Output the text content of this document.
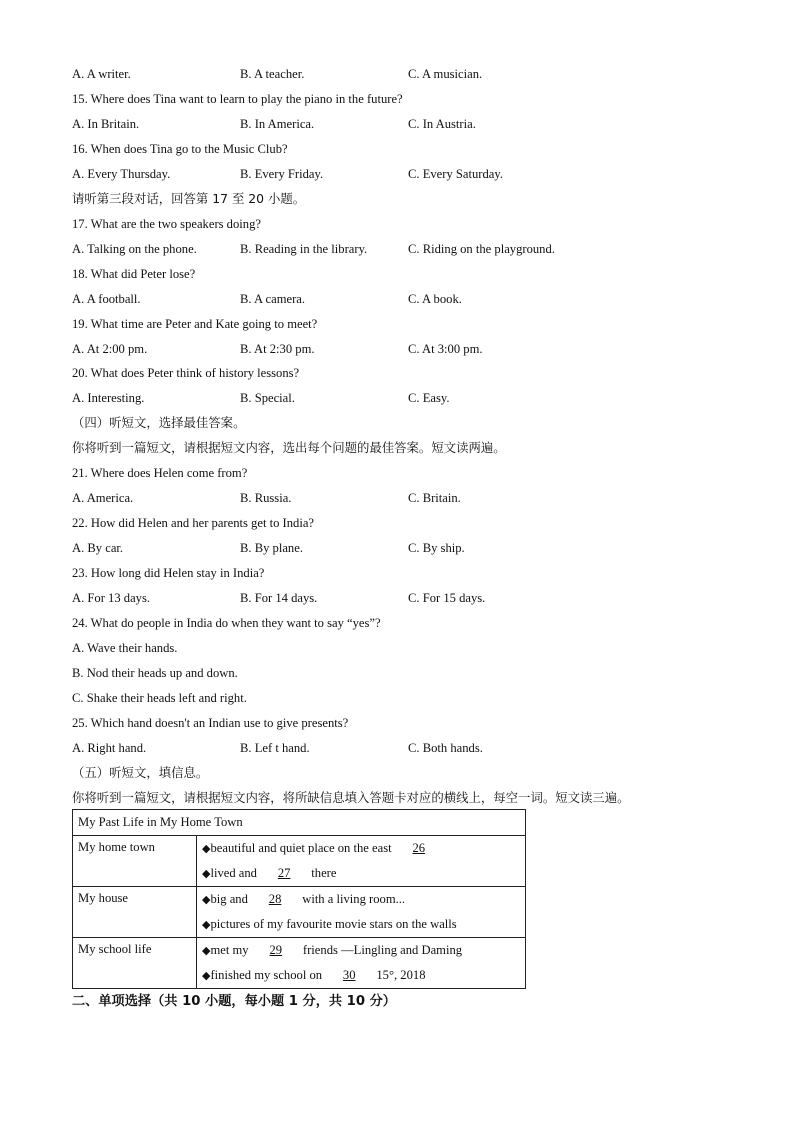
A. A writer.	B. A teacher.	C. A musician.
15. Where does Tina want to learn to play the piano in the future?
A. In Britain.	B. In America.	C. In Austria.
16. When does Tina go to the Music Club?
A. Every Thursday.	B. Every Friday.	C. Every Saturday.
请听第三段对话，回答第 17 至 20 小题。
17. What are the two speakers doing?
A. Talking on the phone.	B. Reading in the library.	C. Riding on the playground.
18. What did Peter lose?
A. A football.	B. A camera.	C. A book.
19. What time are Peter and Kate going to meet?
A. At 2:00 pm.	B. At 2:30 pm.	C. At 3:00 pm.
20. What does Peter think of history lessons?
A. Interesting.	B. Special.	C. Easy.
（四）听短文，选择最佳答案。
你将听到一篇短文，请根据短文内容，选出每个问题的最佳答案。短文读两遍。
21. Where does Helen come from?
A. America.	B. Russia.	C. Britain.
22. How did Helen and her parents get to India?
A. By car.	B. By plane.	C. By ship.
23. How long did Helen stay in India?
A. For 13 days.	B. For 14 days.	C. For 15 days.
24. What do people in India do when they want to say “yes”?
A. Wave their hands.
B. Nod their heads up and down.
C. Shake their heads left and right.
25. Which hand doesn't an Indian use to give presents?
A. Right hand.	B. Lef t hand.	C. Both hands.
（五）听短文，填信息。
你将听到一篇短文，请根据短文内容，将所缺信息填入答题卡对应的横线上，每空一词。短文读三遍。
My Past Life in My Home Town	
My home town	◆beautiful and quiet place on the east 26
◆lived and 27 there

My house	◆big and 28 with a living room...
◆pictures of my favourite movie stars on the walls

My school life	◆met my 29 friends —Lingling and Daming
◆finished my school on 30 15°, 2018
二、单项选择（共 10 小题，每小题 1 分，共 10 分）
